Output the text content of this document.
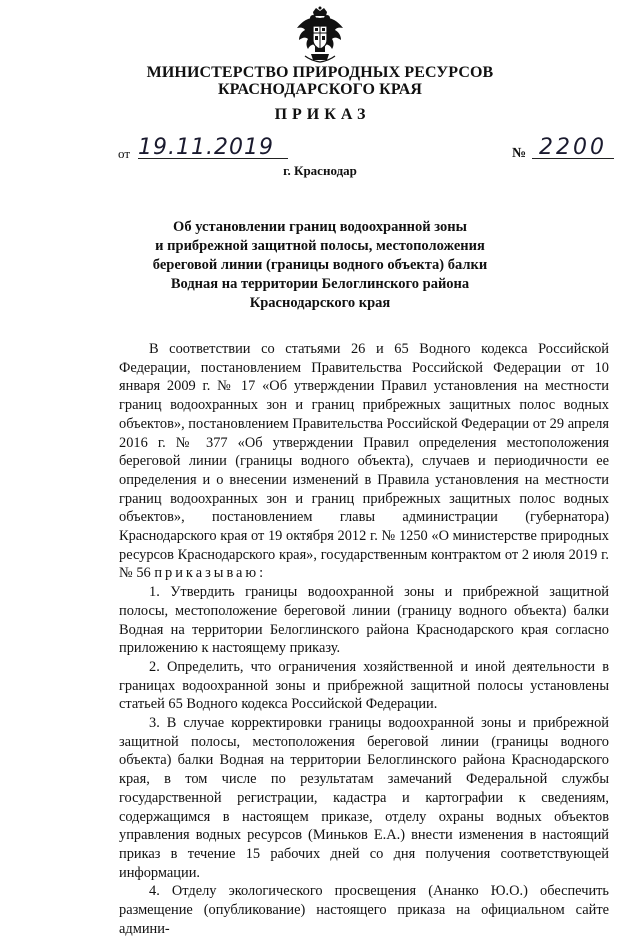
МИНИСТЕРСТВО ПРИРОДНЫХ РЕСУРСОВ
КРАСНОДАРСКОГО КРАЯ
ПРИКАЗ
от 19.11.2019	№ 2200
г. Краснодар
Об установлении границ водоохранной зоны
и прибрежной защитной полосы, местоположения
береговой линии (границы водного объекта) балки
Водная на территории Белоглинского района
Краснодарского края

В соответствии со статьями 26 и 65 Водного кодекса Российской Федерации, постановлением Правительства Российской Федерации от 10 января 2009 г. № 17 «Об утверждении Правил установления на местности границ водоохранных зон и границ прибрежных защитных полос водных объектов», постановлением Правительства Российской Федерации от 29 апреля 2016 г. № 377 «Об утверждении Правил определения местоположения береговой линии (границы водного объекта), случаев и периодичности ее определения и о внесении изменений в Правила установления на местности границ водоохранных зон и границ прибрежных защитных полос водных объектов», постановлением главы администрации (губернатора) Краснодарского края от 19 октября 2012 г. № 1250 «О министерстве природных ресурсов Краснодарского края», государственным контрактом от 2 июля 2019 г. № 56 приказываю:

1. Утвердить границы водоохранной зоны и прибрежной защитной полосы, местоположение береговой линии (границу водного объекта) балки Водная на территории Белоглинского района Краснодарского края согласно приложению к настоящему приказу.

2. Определить, что ограничения хозяйственной и иной деятельности в границах водоохранной зоны и прибрежной защитной полосы установлены статьей 65 Водного кодекса Российской Федерации.

3. В случае корректировки границы водоохранной зоны и прибрежной защитной полосы, местоположения береговой линии (границы водного объекта) балки Водная на территории Белоглинского района Краснодарского края, в том числе по результатам замечаний Федеральной службы государственной регистрации, кадастра и картографии к сведениям, содержащимся в настоящем приказе, отделу охраны водных объектов управления водных ресурсов (Миньков Е.А.) внести изменения в настоящий приказ в течение 15 рабочих дней со дня получения соответствующей информации.

4. Отделу экологического просвещения (Ананко Ю.О.) обеспечить размещение (опубликование) настоящего приказа на официальном сайте админи-
